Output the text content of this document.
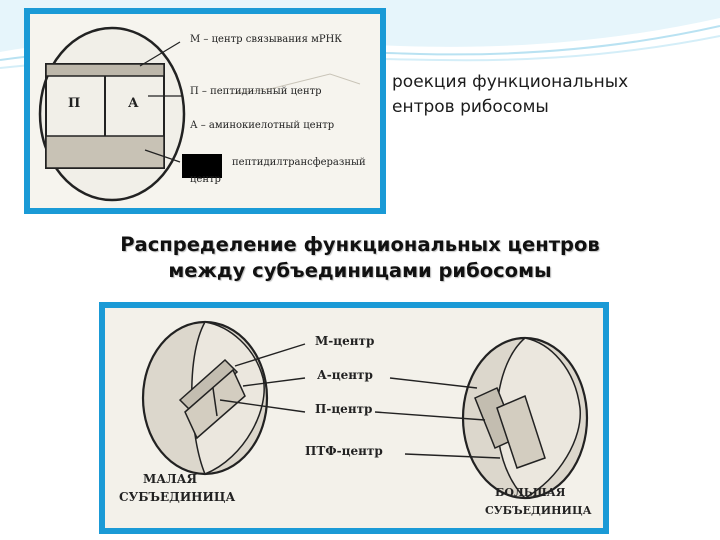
роекция функциональных
ентров рибосомы
П	А
М – центр связывания мРНК
П – пептидильный центр
А – аминокиелотный центр
пептидилтрансферазный
центр
Распределение функциональных центров
между субъединицами рибосомы
М-центр
А-центр
П-центр
ПТФ-центр
МАЛАЯ
СУБЪЕДИНИЦА	БОЛЬШАЯ
СУБЪЕДИНИЦА
